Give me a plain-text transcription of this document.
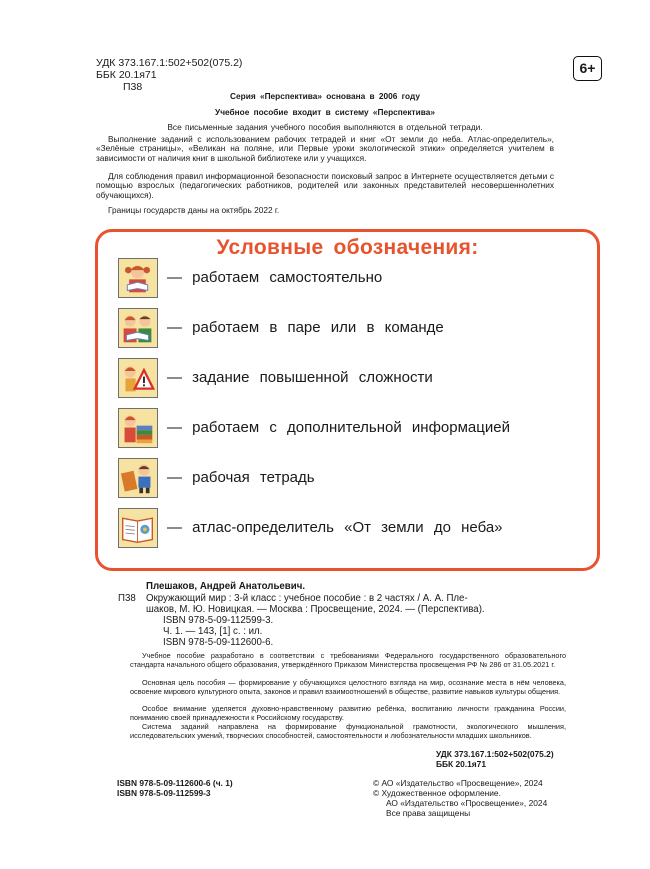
УДК 373.167.1:502+502(075.2)
ББК 20.1я71
П38
6+
Серия «Перспектива» основана в 2006 году
Учебное пособие входит в систему «Перспектива»
Все письменные задания учебного пособия выполняются в отдельной тетради.
Выполнение заданий с использованием рабочих тетрадей и книг «От земли до неба. Атлас-определитель», «Зелёные страницы», «Великан на поляне, или Первые уроки экологической этики» определяется учителем в зависимости от наличия книг в школьной библиотеке или у учащихся.
Для соблюдения правил информационной безопасности поисковый запрос в Интернете осуществляется детьми с помощью взрослых (педагогических работников, родителей или законных представителей несовершеннолетних обучающихся).
Границы государств даны на октябрь 2022 г.
Условные обозначения:
— работаем самостоятельно
— работаем в паре или в команде
— задание повышенной сложности
— работаем с дополнительной информацией
— рабочая тетрадь
— атлас-определитель «От земли до неба»
Плешаков, Андрей Анатольевич.
П38 Окружающий мир : 3-й класс : учебное пособие : в 2 частях / А. А. Пле-
шаков, М. Ю. Новицкая. — Москва : Просвещение, 2024. — (Перспектива).
ISBN 978-5-09-112599-3.
Ч. 1. — 143, [1] с. : ил.
ISBN 978-5-09-112600-6.
Учебное пособие разработано в соответствии с требованиями Федерального государственного образовательного стандарта начального общего образования, утверждённого Приказом Министерства просвещения РФ № 286 от 31.05.2021 г.
Основная цель пособия — формирование у обучающихся целостного взгляда на мир, осознание места в нём человека, освоение мирового культурного опыта, законов и правил взаимоотношений в обществе, развитие навыков культуры общения.
Особое внимание уделяется духовно-нравственному развитию ребёнка, воспитанию личности гражданина России, пониманию своей принадлежности к Российскому государству.
Система заданий направлена на формирование функциональной грамотности, экологического мышления, исследовательских умений, творческих способностей, самостоятельности и любознательности младших школьников.
УДК 373.167.1:502+502(075.2)
ББК 20.1я71
ISBN 978-5-09-112600-6 (ч. 1)
ISBN 978-5-09-112599-3
© АО «Издательство «Просвещение», 2024
© Художественное оформление.
АО «Издательство «Просвещение», 2024
Все права защищены
